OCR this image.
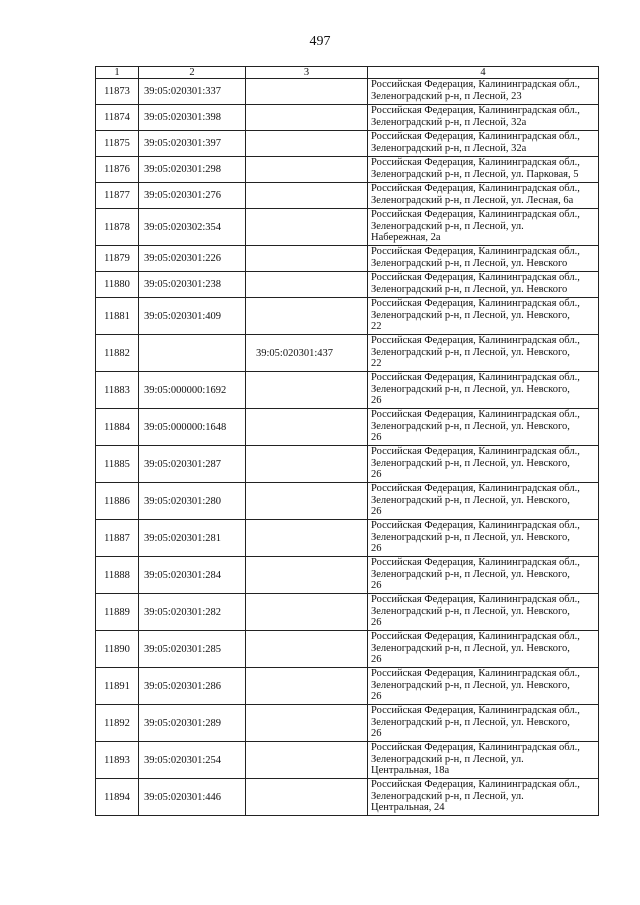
497
1	2	3	4

11873	39:05:020301:337		Российская Федерация, Калининградская обл.,
Зеленоградский р-н, п Лесной, 23

11874	39:05:020301:398		Российская Федерация, Калининградская обл.,
Зеленоградский р-н, п Лесной, 32а

11875	39:05:020301:397		Российская Федерация, Калининградская обл.,
Зеленоградский р-н, п Лесной, 32а

11876	39:05:020301:298		Российская Федерация, Калининградская обл.,
Зеленоградский р-н, п Лесной, ул. Парковая, 5

11877	39:05:020301:276		Российская Федерация, Калининградская обл.,
Зеленоградский р-н, п Лесной, ул. Лесная, 6а

11878	39:05:020302:354		Российская Федерация, Калининградская обл.,
Зеленоградский р-н, п Лесной, ул.
Набережная, 2а

11879	39:05:020301:226		Российская Федерация, Калининградская обл.,
Зеленоградский р-н, п Лесной, ул. Невского

11880	39:05:020301:238		Российская Федерация, Калининградская обл.,
Зеленоградский р-н, п Лесной, ул. Невского

11881	39:05:020301:409		Российская Федерация, Калининградская обл.,
Зеленоградский р-н, п Лесной, ул. Невского,
22

11882		39:05:020301:437	Российская Федерация, Калининградская обл.,
Зеленоградский р-н, п Лесной, ул. Невского,
22

11883	39:05:000000:1692		Российская Федерация, Калининградская обл.,
Зеленоградский р-н, п Лесной, ул. Невского,
26

11884	39:05:000000:1648		Российская Федерация, Калининградская обл.,
Зеленоградский р-н, п Лесной, ул. Невского,
26

11885	39:05:020301:287		Российская Федерация, Калининградская обл.,
Зеленоградский р-н, п Лесной, ул. Невского,
26

11886	39:05:020301:280		Российская Федерация, Калининградская обл.,
Зеленоградский р-н, п Лесной, ул. Невского,
26

11887	39:05:020301:281		Российская Федерация, Калининградская обл.,
Зеленоградский р-н, п Лесной, ул. Невского,
26

11888	39:05:020301:284		Российская Федерация, Калининградская обл.,
Зеленоградский р-н, п Лесной, ул. Невского,
26

11889	39:05:020301:282		Российская Федерация, Калининградская обл.,
Зеленоградский р-н, п Лесной, ул. Невского,
26

11890	39:05:020301:285		Российская Федерация, Калининградская обл.,
Зеленоградский р-н, п Лесной, ул. Невского,
26

11891	39:05:020301:286		Российская Федерация, Калининградская обл.,
Зеленоградский р-н, п Лесной, ул. Невского,
26

11892	39:05:020301:289		Российская Федерация, Калининградская обл.,
Зеленоградский р-н, п Лесной, ул. Невского,
26

11893	39:05:020301:254		Российская Федерация, Калининградская обл.,
Зеленоградский р-н, п Лесной, ул.
Центральная, 18а

11894	39:05:020301:446		Российская Федерация, Калининградская обл.,
Зеленоградский р-н, п Лесной, ул.
Центральная, 24
